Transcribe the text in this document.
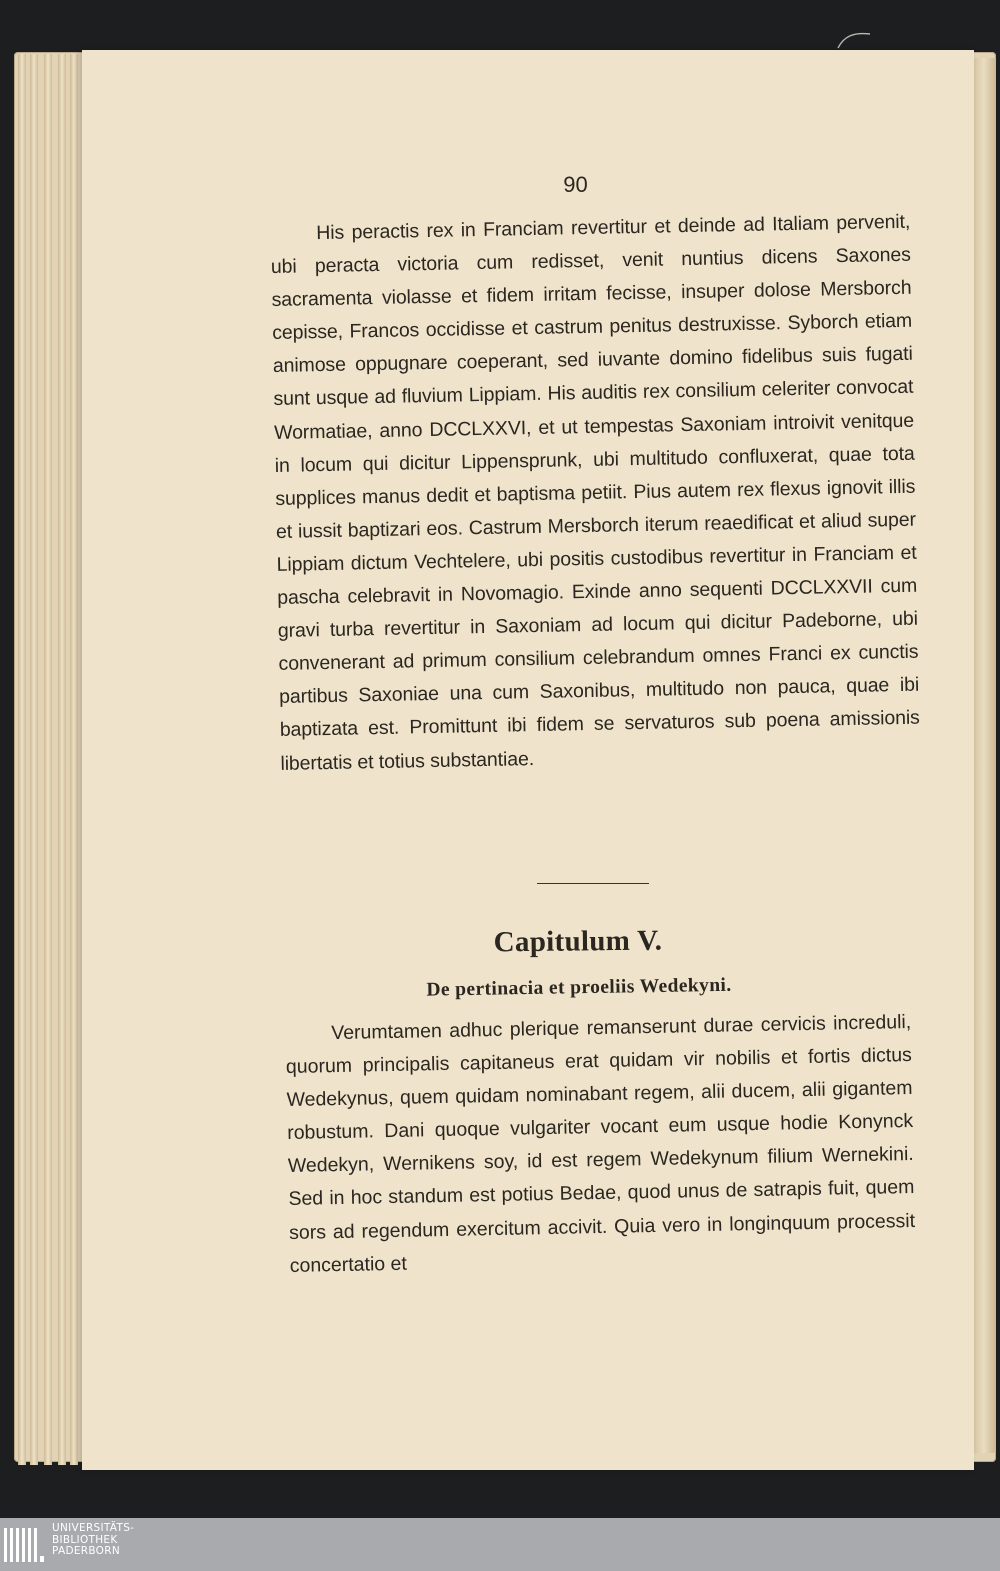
90

His peractis rex in Franciam revertitur et deinde ad Italiam pervenit, ubi peracta victoria cum redisset, venit nuntius dicens Saxones sacramenta violasse et fidem irritam fecisse, insuper dolose Mersborch cepisse, Francos occidisse et castrum penitus destruxisse. Syborch etiam animose oppugnare coeperant, sed iuvante domino fidelibus suis fugati sunt usque ad fluvium Lippiam. His auditis rex consilium celeriter convocat Wormatiae, anno DCCLXXVI, et ut tempestas Saxoniam introivit venitque in locum qui dicitur Lippensprunk, ubi multitudo confluxerat, quae tota supplices manus dedit et baptisma petiit. Pius autem rex flexus ignovit illis et iussit baptizari eos. Castrum Mersborch iterum reaedificat et aliud super Lippiam dictum Vechtelere, ubi positis custodibus revertitur in Franciam et pascha celebravit in Novomagio. Exinde anno sequenti DCCLXXVII cum gravi turba revertitur in Saxoniam ad locum qui dicitur Padeborne, ubi convenerant ad primum consilium celebrandum omnes Franci ex cunctis partibus Saxoniae una cum Saxonibus, multitudo non pauca, quae ibi baptizata est. Promittunt ibi fidem se servaturos sub poena amissionis libertatis et totius substantiae.

Capitulum V.
De pertinacia et proeliis Wedekyni.

Verumtamen adhuc plerique remanserunt durae cervicis increduli, quorum principalis capitaneus erat quidam vir nobilis et fortis dictus Wedekynus, quem quidam nominabant regem, alii ducem, alii gigantem robustum. Dani quoque vulgariter vocant eum usque hodie Konynck Wedekyn, Wernikens soy, id est regem Wedekynum filium Wernekini. Sed in hoc standum est potius Bedae, quod unus de satrapis fuit, quem sors ad regendum exercitum accivit. Quia vero in longinquum processit concertatio et

UNIVERSITÄTS-
BIBLIOTHEK
PADERBORN
